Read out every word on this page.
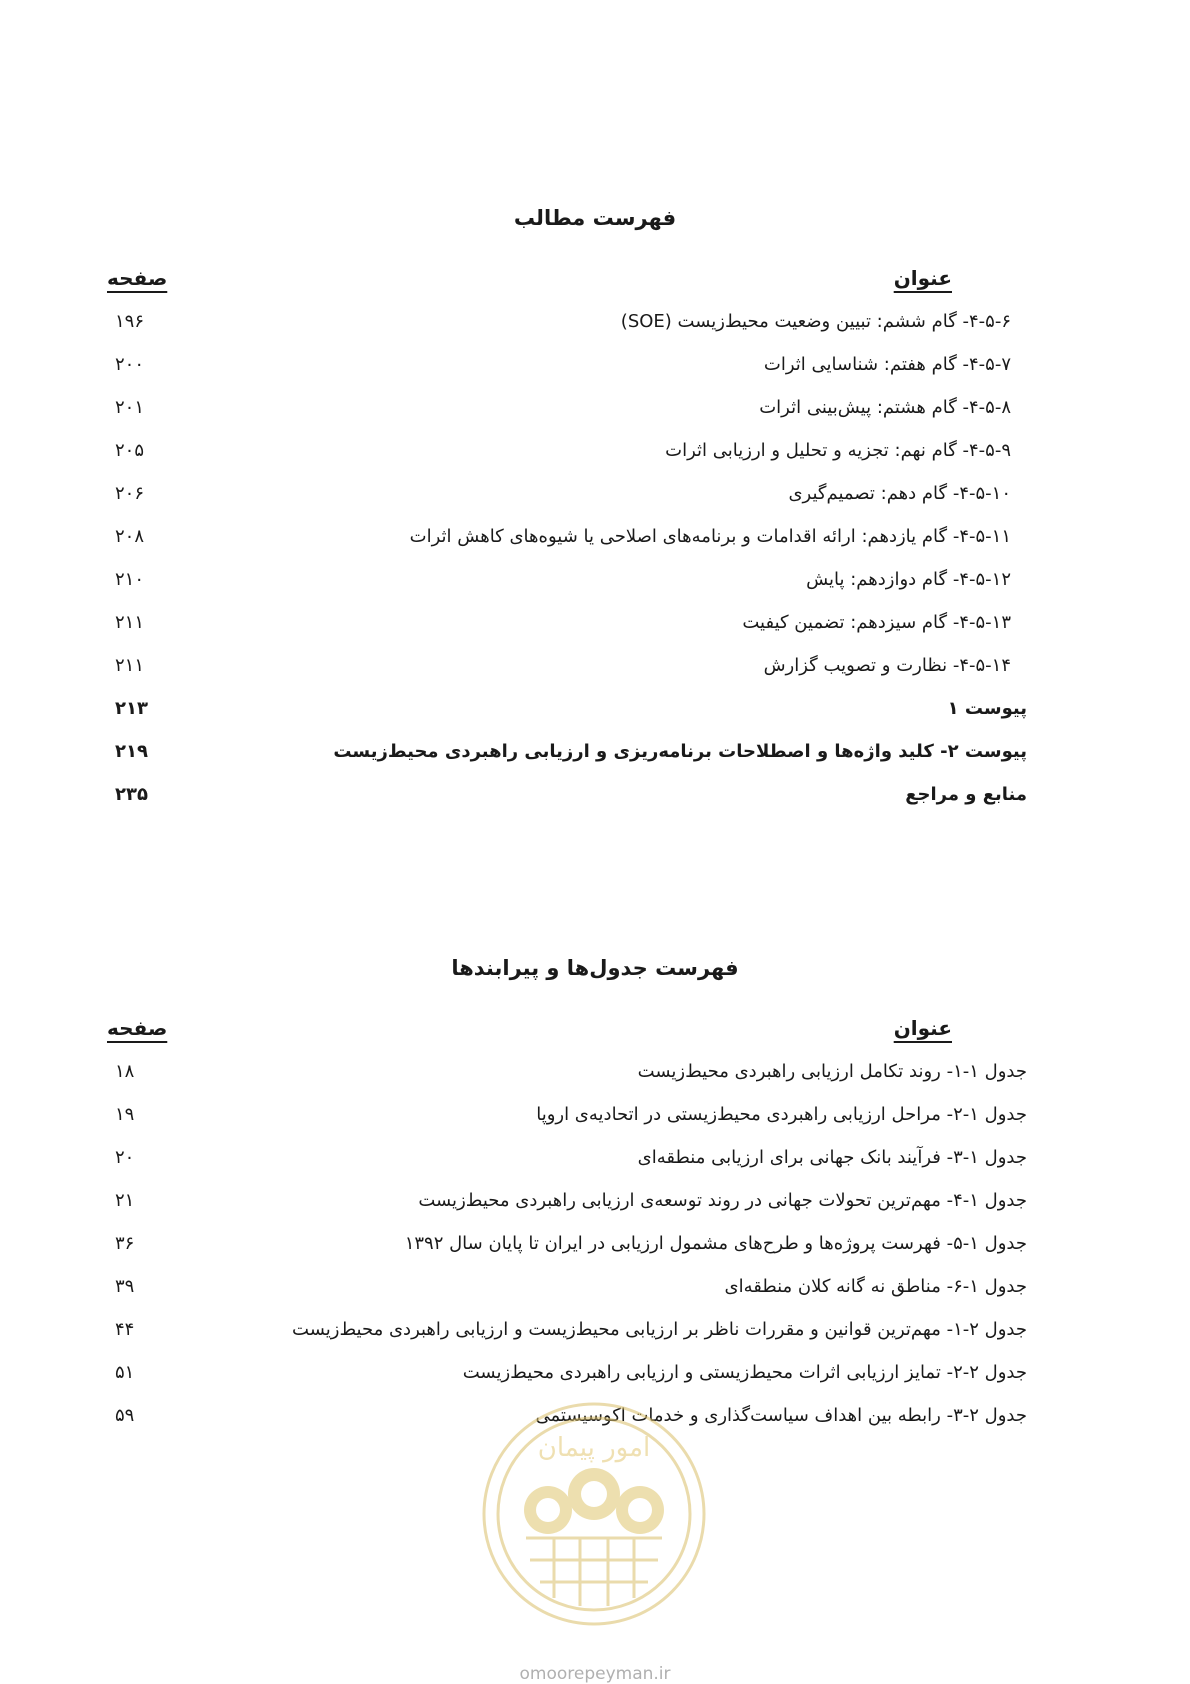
فهرست مطالب
عنوان
صفحه
۴-۵-۶- گام ششم: تبیین وضعیت محیط‌زیست (SOE)
۱۹۶
۴-۵-۷- گام هفتم: شناسایی اثرات
۲۰۰
۴-۵-۸- گام هشتم: پیش‌بینی اثرات
۲۰۱
۴-۵-۹- گام نهم: تجزیه و تحلیل و ارزیابی اثرات
۲۰۵
۴-۵-۱۰- گام دهم: تصمیم‌گیری
۲۰۶
۴-۵-۱۱- گام یازدهم: ارائه اقدامات و برنامه‌های اصلاحی یا شیوه‌های کاهش اثرات
۲۰۸
۴-۵-۱۲- گام دوازدهم: پایش
۲۱۰
۴-۵-۱۳- گام سیزدهم: تضمین کیفیت
۲۱۱
۴-۵-۱۴- نظارت و تصویب گزارش
۲۱۱
پیوست ۱
۲۱۳
پیوست ۲- کلید واژه‌ها و اصطلاحات برنامه‌ریزی و ارزیابی راهبردی محیط‌زیست
۲۱۹
منابع و مراجع
۲۳۵
فهرست جدول‌ها و پیرابندها
عنوان
صفحه
جدول ۱-۱- روند تکامل ارزیابی راهبردی محیط‌زیست
۱۸
جدول ۱-۲- مراحل ارزیابی راهبردی محیط‌زیستی در اتحادیه‌ی اروپا
۱۹
جدول ۱-۳- فرآیند بانک جهانی برای ارزیابی منطقه‌ای
۲۰
جدول ۱-۴- مهم‌ترین تحولات جهانی در روند توسعه‌ی ارزیابی راهبردی محیط‌زیست
۲۱
جدول ۱-۵- فهرست پروژه‌ها و طرح‌های مشمول ارزیابی در ایران تا پایان سال ۱۳۹۲
۳۶
جدول ۱-۶- مناطق نه گانه کلان منطقه‌ای
۳۹
جدول ۲-۱- مهم‌ترین قوانین و مقررات ناظر بر ارزیابی محیط‌زیست و ارزیابی راهبردی محیط‌زیست
۴۴
جدول ۲-۲- تمایز ارزیابی اثرات محیط‌زیستی و ارزیابی راهبردی محیط‌زیست
۵۱
جدول ۲-۳- رابطه بین اهداف سیاست‌گذاری و خدمات اکوسیستمی
۵۹
امور پیمان
omoorepeyman.ir
